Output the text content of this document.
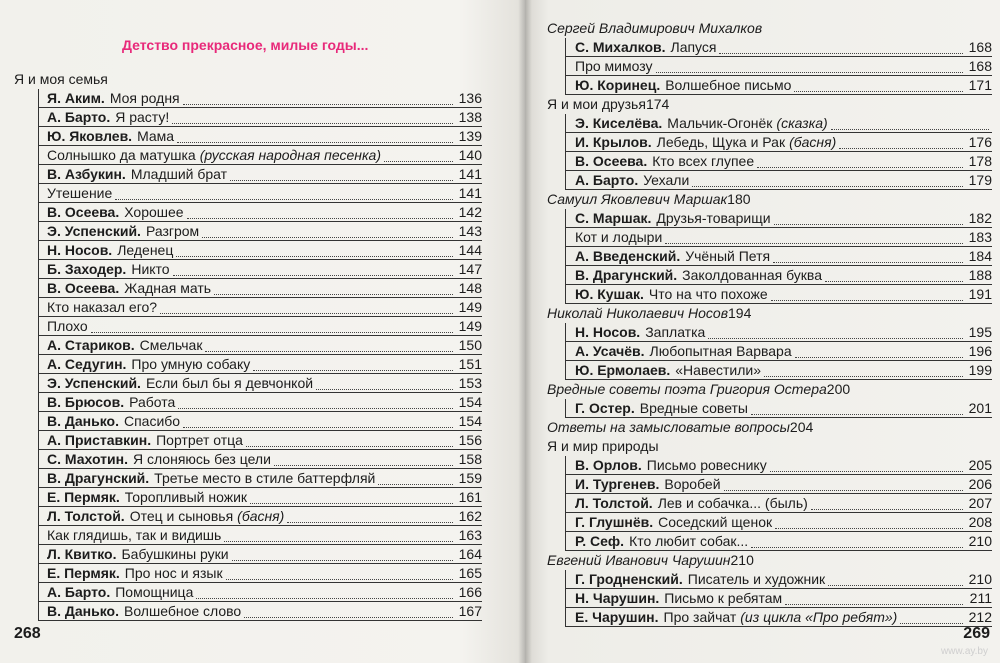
Детство прекрасное, милые годы...
Я и моя семья
Я. Аким. Моя родня	136
А. Барто. Я расту!	138
Ю. Яковлев. Мама	139
Солнышко да матушка (русская народная песенка)	140
В. Азбукин. Младший брат	141
Утешение	141
В. Осеева. Хорошее	142
Э. Успенский. Разгром	143
Н. Носов. Леденец	144
Б. Заходер. Никто	147
В. Осеева. Жадная мать	148
Кто наказал его?	149
Плохо	149
А. Стариков. Смельчак	150
А. Седугин. Про умную собаку	151
Э. Успенский. Если был бы я девчонкой	153
В. Брюсов. Работа	154
В. Данько. Спасибо	154
А. Приставкин. Портрет отца	156
С. Махотин. Я слоняюсь без цели	158
В. Драгунский. Третье место в стиле баттерфляй	159
Е. Пермяк. Торопливый ножик	161
Л. Толстой. Отец и сыновья (басня)	162
Как глядишь, так и видишь	163
Л. Квитко. Бабушкины руки	164
Е. Пермяк. Про нос и язык	165
А. Барто. Помощница	166
В. Данько. Волшебное слово	167
268
Сергей Владимирович Михалков
С. Михалков. Лапуся	168
Про мимозу	168
Ю. Коринец. Волшебное письмо	171
Я и мои друзья 174
Э. Киселёва. Мальчик-Огонёк (сказка)
И. Крылов. Лебедь, Щука и Рак (басня)	176
В. Осеева. Кто всех глупее	178
А. Барто. Уехали	179
Самуил Яковлевич Маршак 180
С. Маршак. Друзья-товарищи	182
Кот и лодыри	183
А. Введенский. Учёный Петя	184
В. Драгунский. Заколдованная буква	188
Ю. Кушак. Что на что похоже	191
Николай Николаевич Носов 194
Н. Носов. Заплатка	195
А. Усачёв. Любопытная Варвара	196
Ю. Ермолаев. «Навестили»	199
Вредные советы поэта Григория Остера 200
Г. Остер. Вредные советы	201
Ответы на замысловатые вопросы 204
Я и мир природы
В. Орлов. Письмо ровеснику	205
И. Тургенев. Воробей	206
Л. Толстой. Лев и собачка... (быль)	207
Г. Глушнёв. Соседский щенок	208
Р. Сеф. Кто любит собак...	210
Евгений Иванович Чарушин 210
Г. Гродненский. Писатель и художник	210
Н. Чарушин. Письмо к ребятам	211
Е. Чарушин. Про зайчат (из цикла «Про ребят»)	212
269
www.ay.by
